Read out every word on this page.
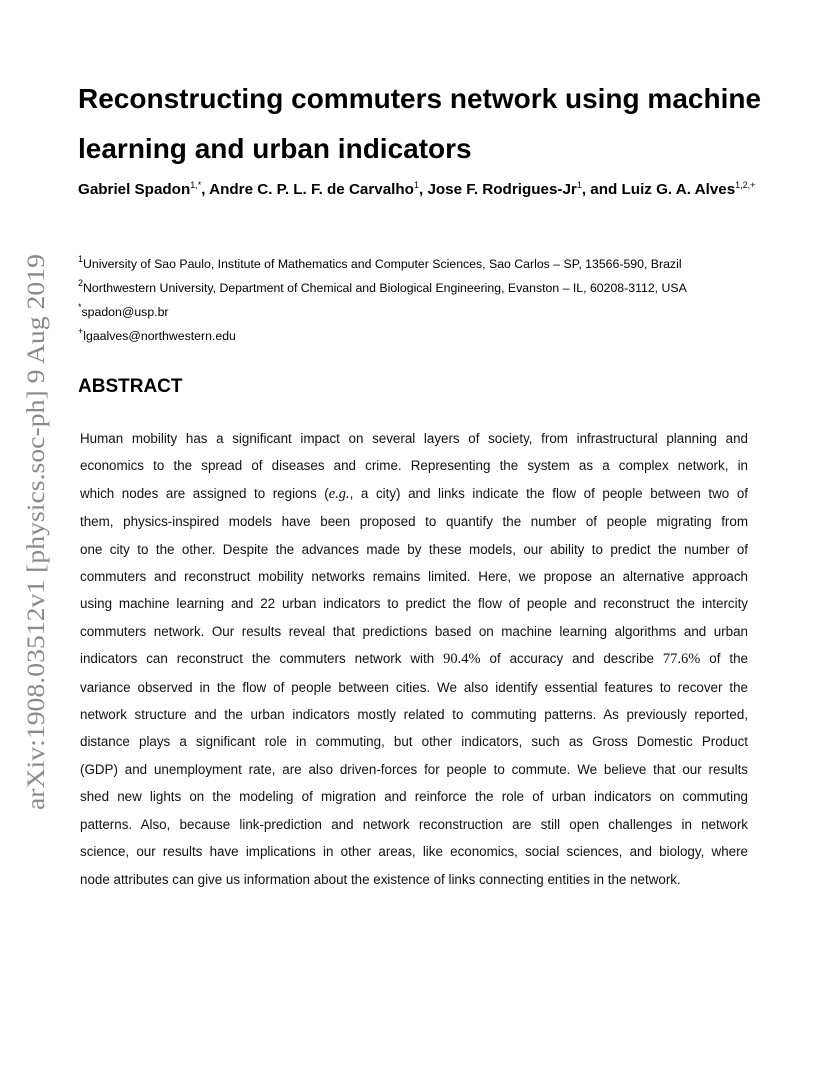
arXiv:1908.03512v1 [physics.soc-ph] 9 Aug 2019
Reconstructing commuters network using machine
learning and urban indicators

Gabriel Spadon$^{1,*}$ , Andre C. P. L. F. de Carvalho$^1$ , Jose F. Rodrigues-Jr$^1$	, and Luiz G. A. Alves$^{1,2,+}$

$^1$University of Sao Paulo, Institute of Mathematics and Computer Sciences, Sao Carlos – SP, 13566-590, Brazil

$^2$Northwestern University, Department of Chemical and Biological Engineering, Evanston – IL, 60208-3112, USA

*spadon@usp.br

+lgaalves@northwestern.edu

ABSTRACT

Human mobility has a significant impact on several layers of society, from infrastructural planning and
economics to the spread of diseases and crime. Representing the system as a complex network, in
which nodes are assigned to regions (e.g., a city) and links indicate the flow of people between two of
them, physics-inspired models have been proposed to quantify the number of people migrating from
one city to the other. Despite the advances made by these models, our ability to predict the number of
commuters and reconstruct mobility networks remains limited. Here, we propose an alternative approach
using machine learning and 22 urban indicators to predict the flow of people and reconstruct the intercity
commuters network. Our results reveal that predictions based on machine learning algorithms and urban
indicators can reconstruct the commuters network with 90.4% of accuracy and describe 77.6% of the
variance observed in the flow of people between cities. We also identify essential features to recover the
network structure and the urban indicators mostly related to commuting patterns. As previously reported,
distance plays a significant role in commuting, but other indicators, such as Gross Domestic Product
(GDP) and unemployment rate, are also driven-forces for people to commute. We believe that our results
shed new lights on the modeling of migration and reinforce the role of urban indicators on commuting
patterns. Also, because link-prediction and network reconstruction are still open challenges in network
science, our results have implications in other areas, like economics, social sciences, and biology, where
node attributes can give us information about the existence of links connecting entities in the network.
